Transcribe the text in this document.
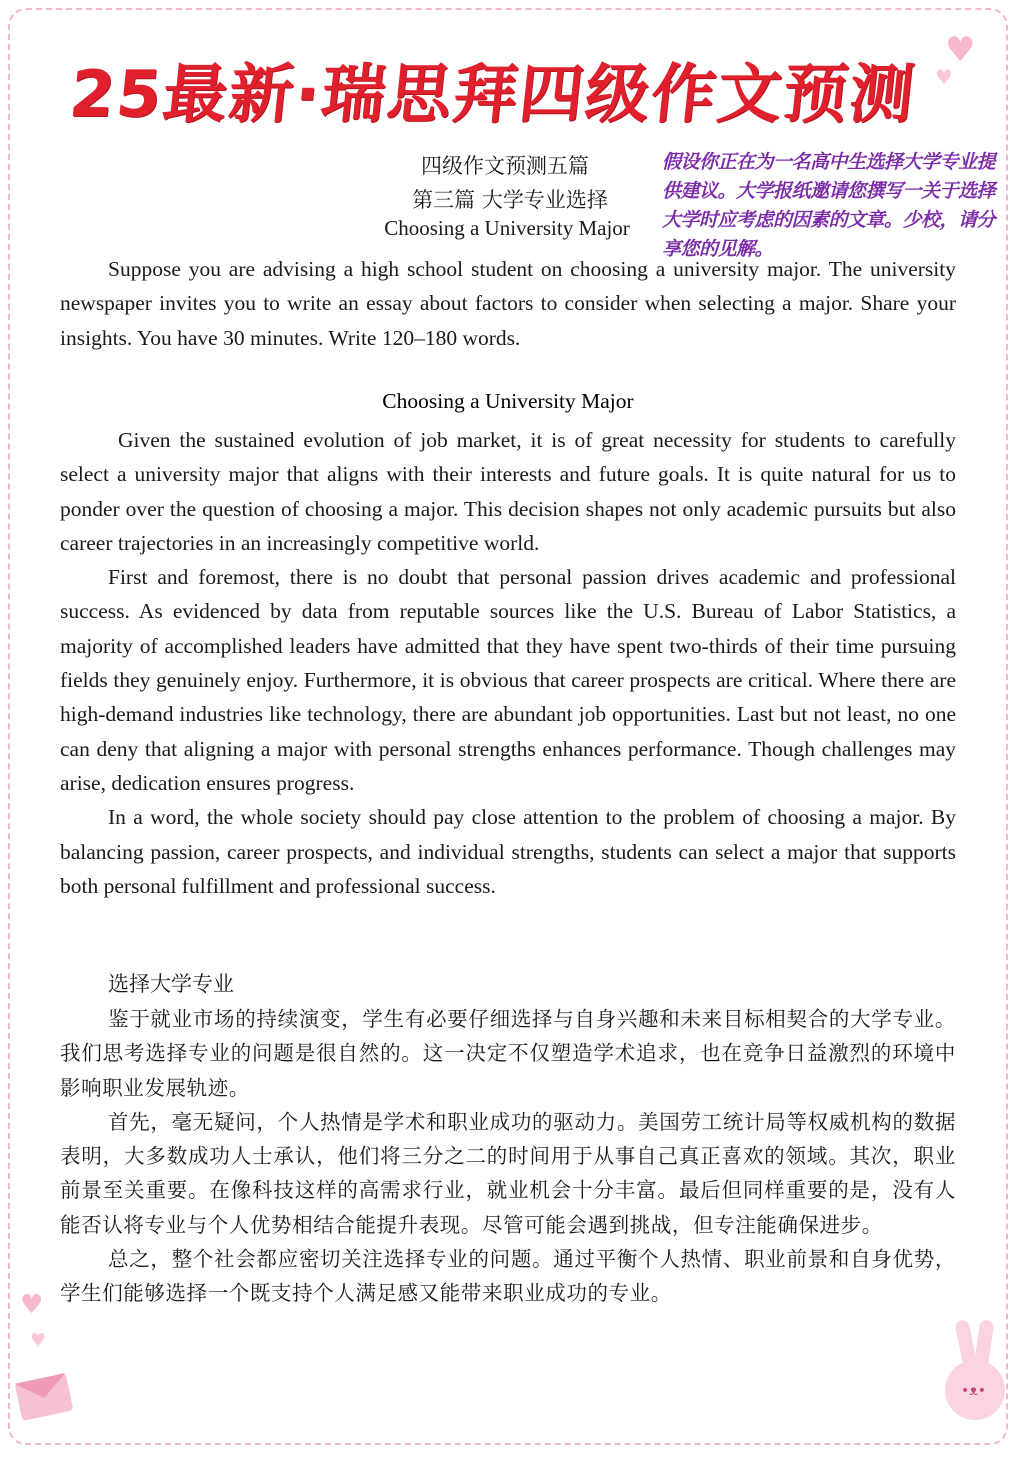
♥
♥
♥
♥
25最新·瑞思拜四级作文预测
四级作文预测五篇
第三篇 大学专业选择
Choosing a University Major
假设你正在为一名高中生选择大学专业提供建议。大学报纸邀请您撰写一关于选择大学时应考虑的因素的文章。少校，请分享您的见解。

Suppose you are advising a high school student on choosing a university major. The university newspaper invites you to write an essay about factors to consider when selecting a major. Share your insights. You have 30 minutes. Write 120–180 words.

Choosing a University Major

Given the sustained evolution of job market, it is of great necessity for students to carefully select a university major that aligns with their interests and future goals. It is quite natural for us to ponder over the question of choosing a major. This decision shapes not only academic pursuits but also career trajectories in an increasingly competitive world.

First and foremost, there is no doubt that personal passion drives academic and professional success. As evidenced by data from reputable sources like the U.S. Bureau of Labor Statistics, a majority of accomplished leaders have admitted that they have spent two-thirds of their time pursuing fields they genuinely enjoy. Furthermore, it is obvious that career prospects are critical. Where there are high-demand industries like technology, there are abundant job opportunities. Last but not least, no one can deny that aligning a major with personal strengths enhances performance. Though challenges may arise, dedication ensures progress.

In a word, the whole society should pay close attention to the problem of choosing a major. By balancing passion, career prospects, and individual strengths, students can select a major that supports both personal fulfillment and professional success.

选择大学专业

鉴于就业市场的持续演变，学生有必要仔细选择与自身兴趣和未来目标相契合的大学专业。我们思考选择专业的问题是很自然的。这一决定不仅塑造学术追求，也在竞争日益激烈的环境中影响职业发展轨迹。

首先，毫无疑问，个人热情是学术和职业成功的驱动力。美国劳工统计局等权威机构的数据表明，大多数成功人士承认，他们将三分之二的时间用于从事自己真正喜欢的领域。其次，职业前景至关重要。在像科技这样的高需求行业，就业机会十分丰富。最后但同样重要的是，没有人能否认将专业与个人优势相结合能提升表现。尽管可能会遇到挑战，但专注能确保进步。

总之，整个社会都应密切关注选择专业的问题。通过平衡个人热情、职业前景和自身优势，学生们能够选择一个既支持个人满足感又能带来职业成功的专业。

•ᴥ•
